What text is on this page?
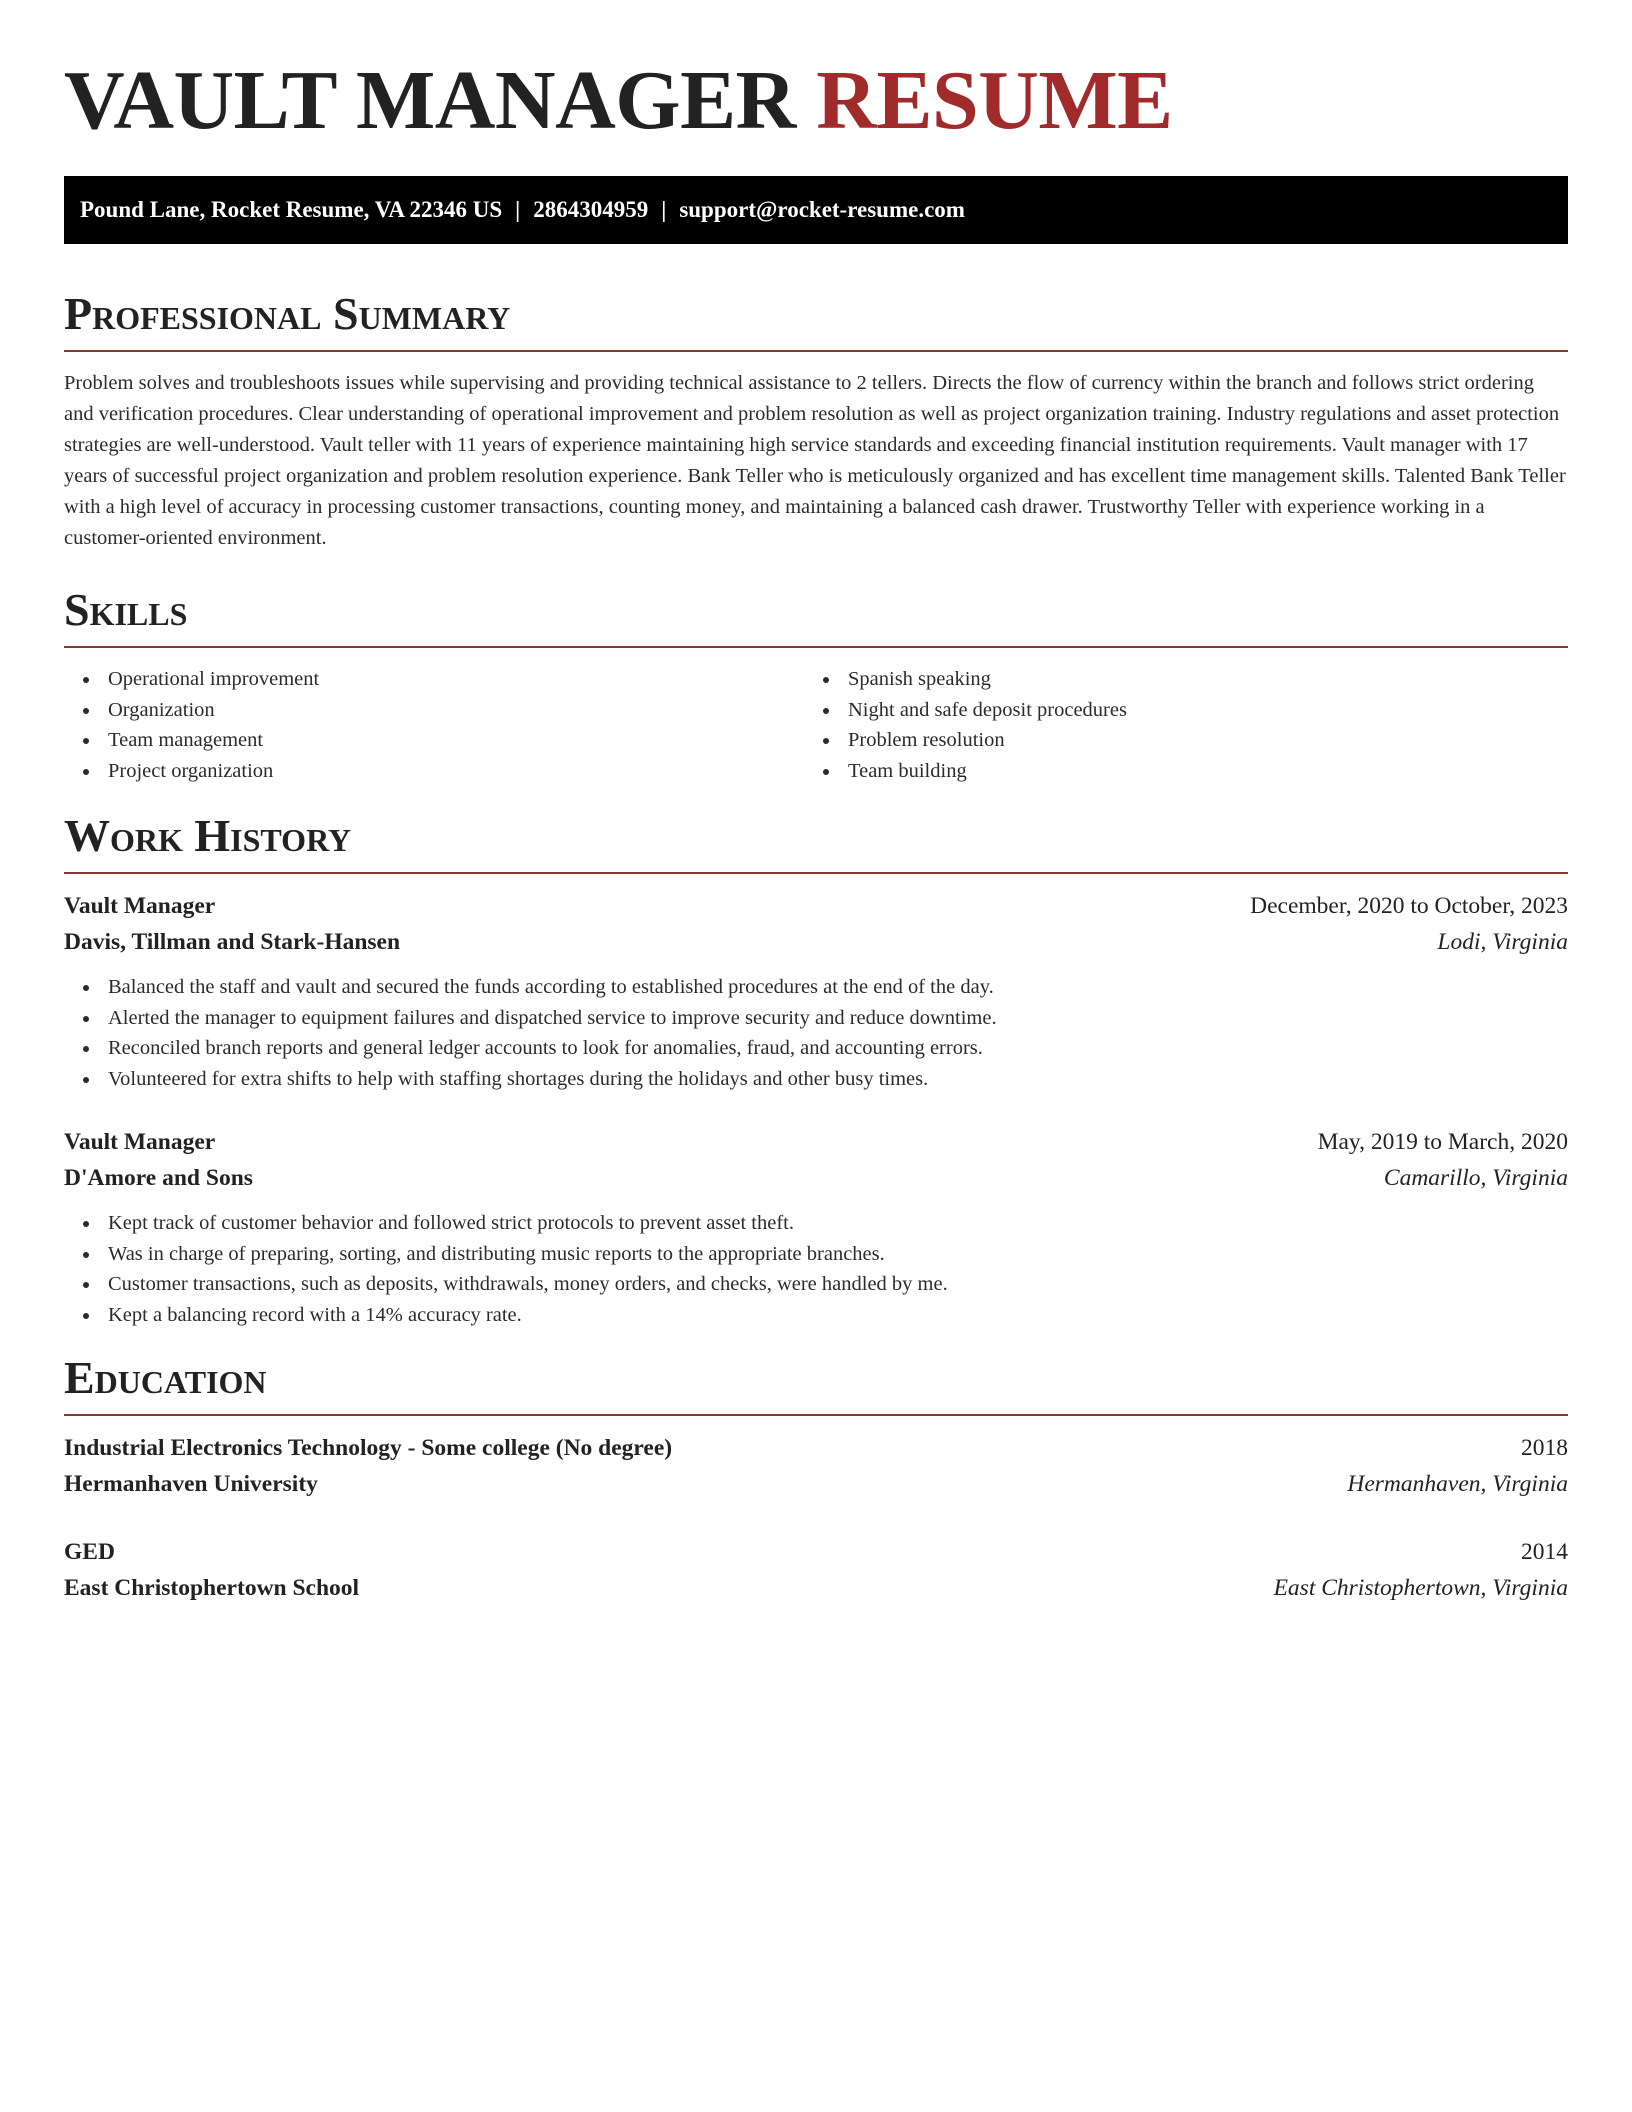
VAULT MANAGER RESUME
Pound Lane, Rocket Resume, VA 22346 US | 2864304959 | support@rocket-resume.com
Professional Summary
Problem solves and troubleshoots issues while supervising and providing technical assistance to 2 tellers. Directs the flow of currency within the branch and follows strict ordering and verification procedures. Clear understanding of operational improvement and problem resolution as well as project organization training. Industry regulations and asset protection strategies are well-understood. Vault teller with 11 years of experience maintaining high service standards and exceeding financial institution requirements. Vault manager with 17 years of successful project organization and problem resolution experience. Bank Teller who is meticulously organized and has excellent time management skills. Talented Bank Teller with a high level of accuracy in processing customer transactions, counting money, and maintaining a balanced cash drawer. Trustworthy Teller with experience working in a customer-oriented environment.
Skills
Operational improvement
Organization
Team management
Project organization
Spanish speaking
Night and safe deposit procedures
Problem resolution
Team building
Work History
Vault Manager	December, 2020 to October, 2023
Davis, Tillman and Stark-Hansen	Lodi, Virginia
Balanced the staff and vault and secured the funds according to established procedures at the end of the day.
Alerted the manager to equipment failures and dispatched service to improve security and reduce downtime.
Reconciled branch reports and general ledger accounts to look for anomalies, fraud, and accounting errors.
Volunteered for extra shifts to help with staffing shortages during the holidays and other busy times.
Vault Manager	May, 2019 to March, 2020
D'Amore and Sons	Camarillo, Virginia
Kept track of customer behavior and followed strict protocols to prevent asset theft.
Was in charge of preparing, sorting, and distributing music reports to the appropriate branches.
Customer transactions, such as deposits, withdrawals, money orders, and checks, were handled by me.
Kept a balancing record with a 14% accuracy rate.
Education
Industrial Electronics Technology - Some college (No degree)	2018
Hermanhaven University	Hermanhaven, Virginia
GED	2014
East Christophertown School	East Christophertown, Virginia
